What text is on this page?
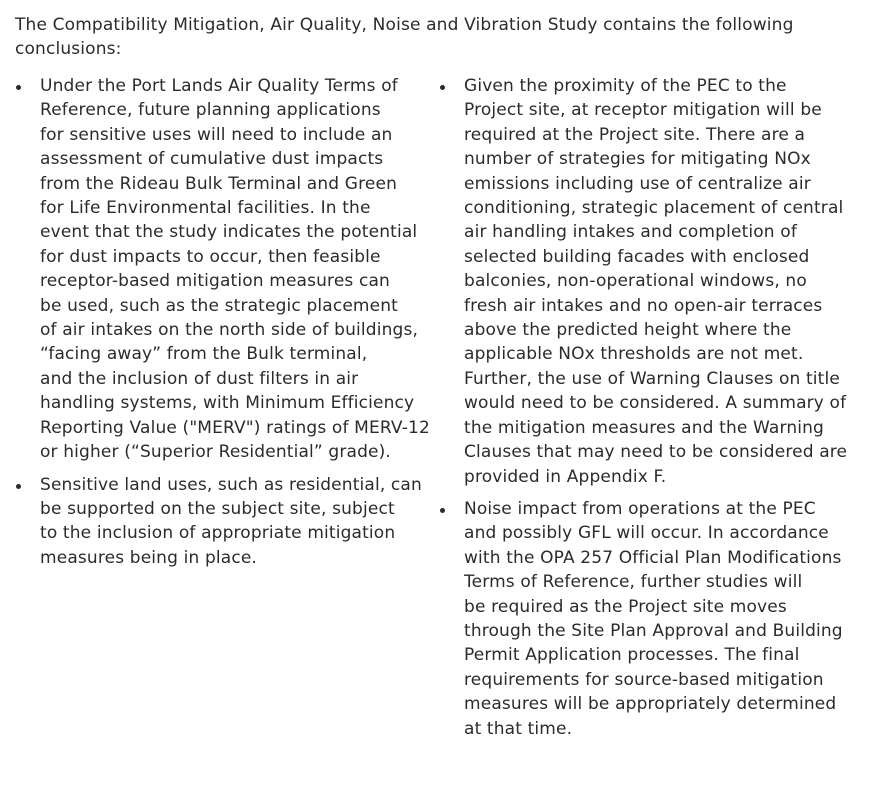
The Compatibility Mitigation, Air Quality, Noise and Vibration Study contains the following
conclusions:

Under the Port Lands Air Quality Terms of
Reference, future planning applications
for sensitive uses will need to include an
assessment of cumulative dust impacts
from the Rideau Bulk Terminal and Green
for Life Environmental facilities. In the
event that the study indicates the potential
for dust impacts to occur, then feasible
receptor-based mitigation measures can
be used, such as the strategic placement
of air intakes on the north side of buildings,
“facing away” from the Bulk terminal,
and the inclusion of dust filters in air
handling systems, with Minimum Efficiency
Reporting Value ("MERV") ratings of MERV-12
or higher (“Superior Residential” grade).
Sensitive land uses, such as residential, can
be supported on the subject site, subject
to the inclusion of appropriate mitigation
measures being in place.
Given the proximity of the PEC to the
Project site, at receptor mitigation will be
required at the Project site. There are a
number of strategies for mitigating NOx
emissions including use of centralize air
conditioning, strategic placement of central
air handling intakes and completion of
selected building facades with enclosed
balconies, non-operational windows, no
fresh air intakes and no open-air terraces
above the predicted height where the
applicable NOx thresholds are not met.
Further, the use of Warning Clauses on title
would need to be considered. A summary of
the mitigation measures and the Warning
Clauses that may need to be considered are
provided in Appendix F.
Noise impact from operations at the PEC
and possibly GFL will occur. In accordance
with the OPA 257 Official Plan Modifications
Terms of Reference, further studies will
be required as the Project site moves
through the Site Plan Approval and Building
Permit Application processes. The final
requirements for source-based mitigation
measures will be appropriately determined
at that time.
